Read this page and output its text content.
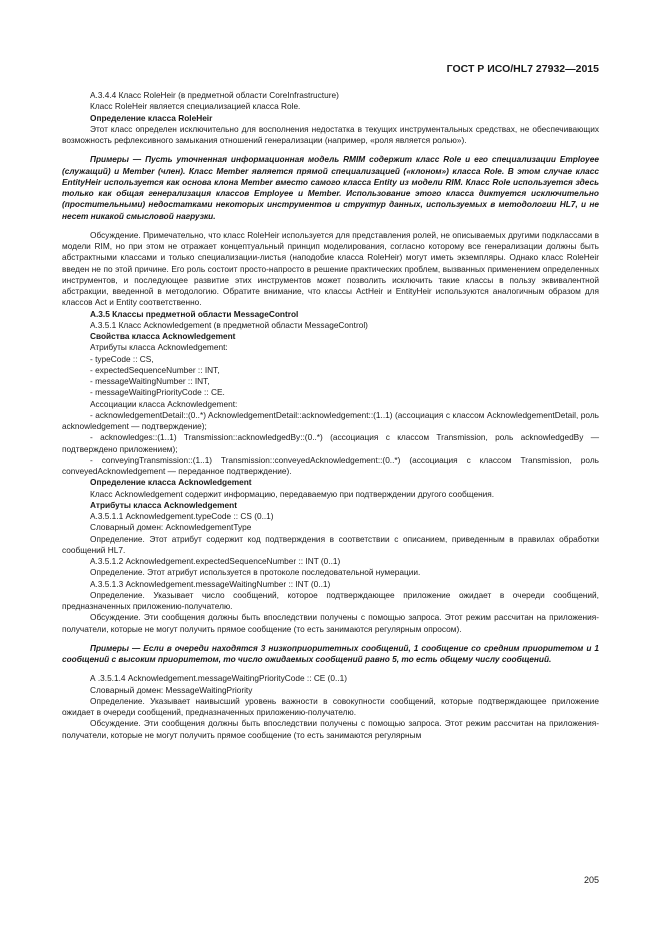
ГОСТ Р ИСО/HL7 27932—2015

А.3.4.4 Класс RoleHeir (в предметной области CoreInfrastructure)

Класс RoleHeir является специализацией класса Role.

Определение класса RoleHeir

Этот класс определен исключительно для восполнения недостатка в текущих инструментальных средствах, не обеспечивающих возможность рефлексивного замыкания отношений генерализации (например, «роля является ролью»).

Примеры — Пусть уточненная информационная модель RMIM содержит класс Role и его специализации Employee (служащий) и Member (член). Класс Member является прямой специализацией («клоном») класса Role. В этом случае класс EntityHeir используется как основа клона Member вместо самого класса Entity из модели RIM. Класс Role используется здесь только как общая генерализация классов Employee и Member. Использование этого класса диктуется исключительно (простительными) недостатками некоторых инструментов и структур данных, используемых в методологии HL7, и не несет никакой смысловой нагрузки.

Обсуждение. Примечательно, что класс RoleHeir используется для представления ролей, не описываемых другими подклассами в модели RIM, но при этом не отражает концептуальный принцип моделирования, согласно которому все генерализации должны быть абстрактными классами и только специализации-листья (наподобие класса RoleHeir) могут иметь экземпляры. Однако класс RoleHeir введен не по этой причине. Его роль состоит просто-напросто в решение практических проблем, вызванных применением определенных инструментов, и последующее развитие этих инструментов может позволить исключить такие классы в пользу эквивалентной абстракции, введенной в методологию. Обратите внимание, что классы ActHeir и EntityHeir используются аналогичным образом для классов Act и Entity соответственно.

А.3.5 Классы предметной области MessageControl

А.3.5.1 Класс Acknowledgement (в предметной области MessageControl)

Свойства класса Acknowledgement

Атрибуты класса Acknowledgement:

- typeCode :: CS,

- expectedSequenceNumber :: INT,

- messageWaitingNumber :: INT,

- messageWaitingPriorityCode :: CE.

Ассоциации класса Acknowledgement:

- acknowledgementDetail::(0..*) AcknowledgementDetail::acknowledgement::(1..1) (ассоциация с классом AcknowledgementDetail, роль acknowledgement — подтверждение);

- acknowledges::(1..1) Transmission::acknowledgedBy::(0..*) (ассоциация с классом Transmission, роль acknowledgedBy — подтверждено приложением);

- conveyingTransmission::(1..1) Transmission::conveyedAcknowledgement::(0..*) (ассоциация с классом Transmission, роль conveyedAcknowledgement — переданное подтверждение).

Определение класса Acknowledgement

Класс Acknowledgement содержит информацию, передаваемую при подтверждении другого сообщения.

Атрибуты класса Acknowledgement

А.3.5.1.1 Acknowledgement.typeCode :: CS (0..1)

Словарный домен: AcknowledgementType

Определение. Этот атрибут содержит код подтверждения в соответствии с описанием, приведенным в правилах обработки сообщений HL7.

А.3.5.1.2 Acknowledgement.expectedSequenceNumber :: INT (0..1)

Определение. Этот атрибут используется в протоколе последовательной нумерации.

А.3.5.1.3 Acknowledgement.messageWaitingNumber :: INT (0..1)

Определение. Указывает число сообщений, которое подтверждающее приложение ожидает в очереди сообщений, предназначенных приложению-получателю.

Обсуждение. Эти сообщения должны быть впоследствии получены с помощью запроса. Этот режим рассчитан на приложения-получатели, которые не могут получить прямое сообщение (то есть занимаются регулярным опросом).

Примеры — Если в очереди находятся 3 низкоприоритетных сообщений, 1 сообщение со средним приоритетом и 1 сообщений с высоким приоритетом, то число ожидаемых сообщений равно 5, то есть общему числу сообщений.

А .3.5.1.4 Acknowledgement.messageWaitingPriorityCode :: CE (0..1)

Словарный домен: MessageWaitingPriority

Определение. Указывает наивысший уровень важности в совокупности сообщений, которые подтверждающее приложение ожидает в очереди сообщений, предназначенных приложению-получателю.

Обсуждение. Эти сообщения должны быть впоследствии получены с помощью запроса. Этот режим рассчитан на приложения-получатели, которые не могут получить прямое сообщение (то есть занимаются регулярным

205
